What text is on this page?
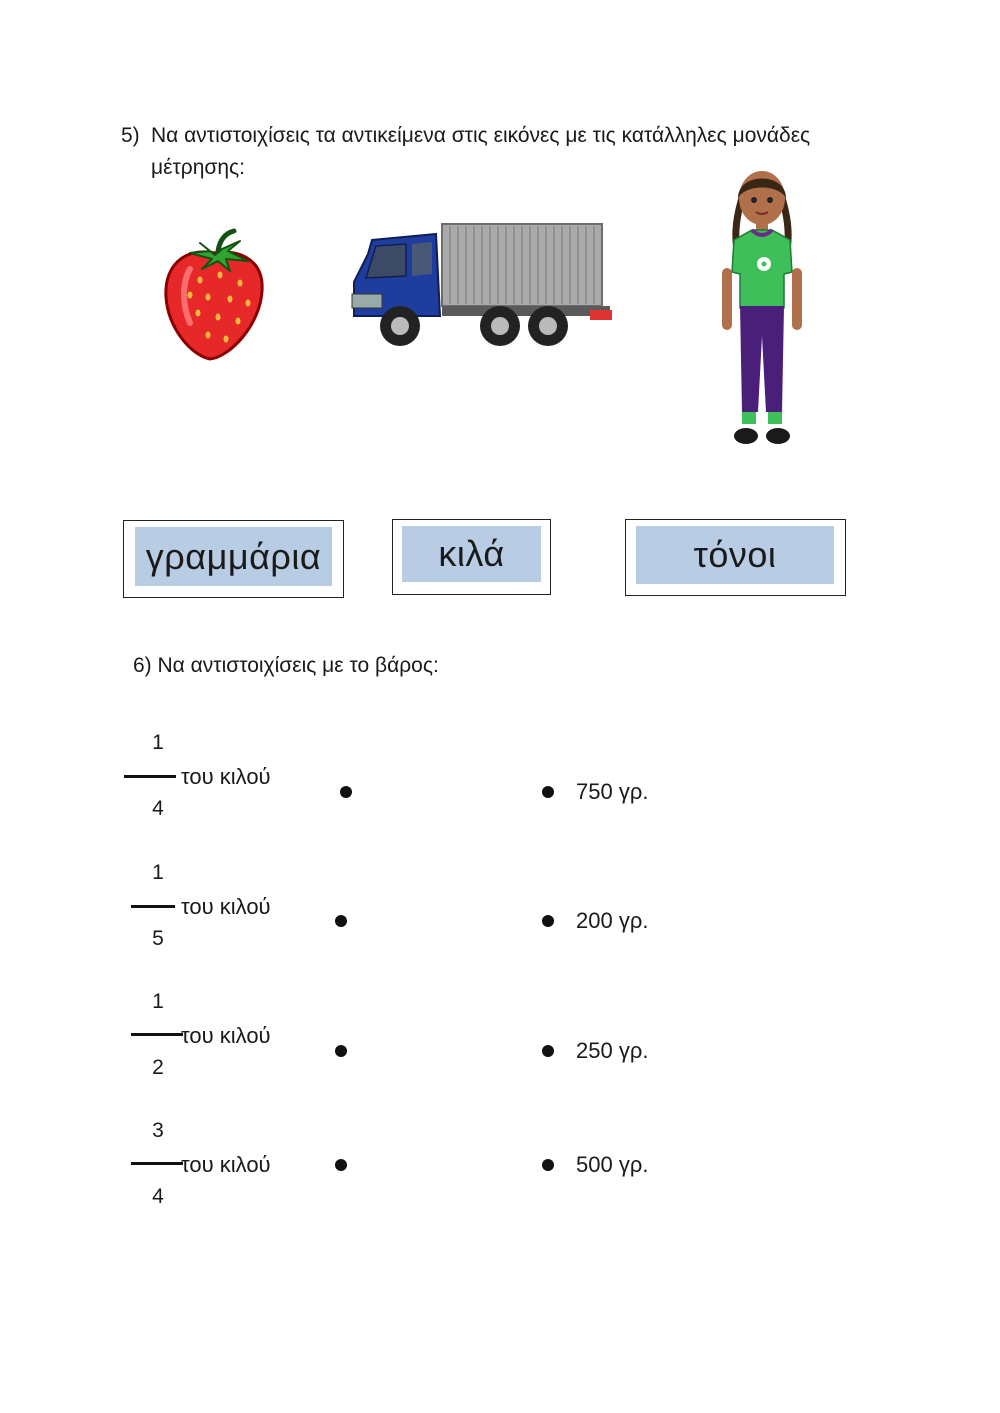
5) Να αντιστοιχίσεις τα αντικείμενα στις εικόνες με τις κατάλληλες μονάδες
μέτρησης:
γραμμάρια	κιλά	τόνοι
6) Να αντιστοιχίσεις με το βάρος:
1
του κιλού
4
750 γρ.
1
του κιλού
5
200 γρ.
1
του κιλού
2
250 γρ.
3
του κιλού
4
500 γρ.
